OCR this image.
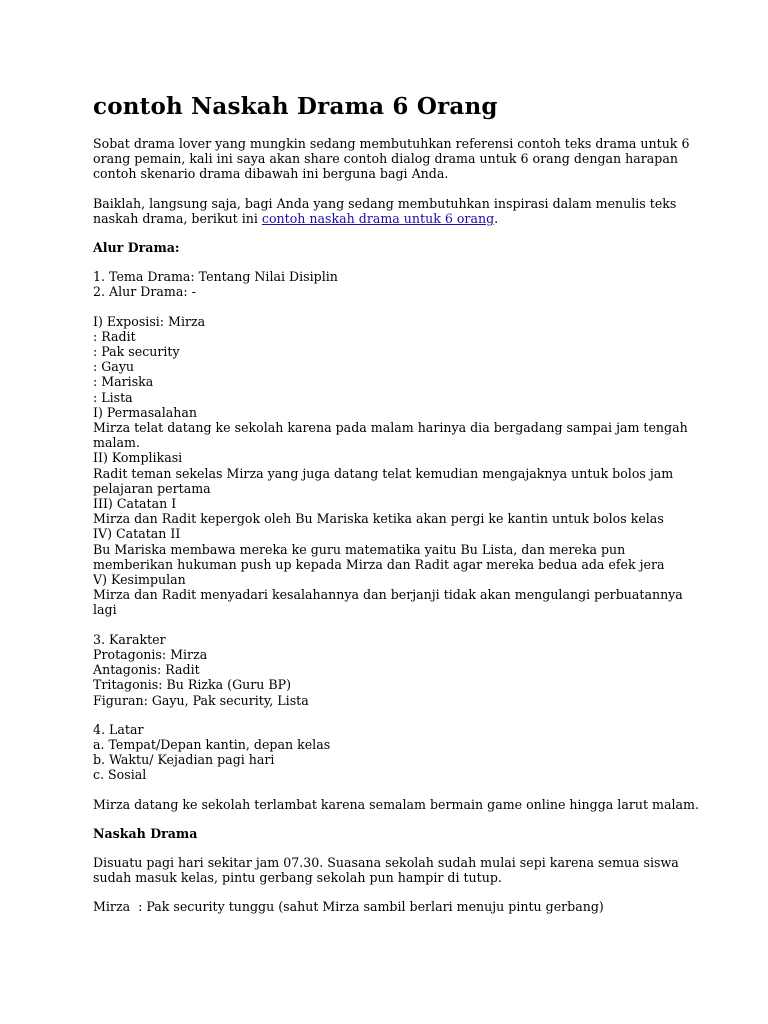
contoh Naskah Drama 6 Orang
Sobat drama lover yang mungkin sedang membutuhkan referensi contoh teks drama untuk 6
orang pemain, kali ini saya akan share contoh dialog drama untuk 6 orang dengan harapan
contoh skenario drama dibawah ini berguna bagi Anda.
Baiklah, langsung saja, bagi Anda yang sedang membutuhkan inspirasi dalam menulis teks
naskah drama, berikut ini contoh naskah drama untuk 6 orang.
Alur Drama:
1. Tema Drama: Tentang Nilai Disiplin
2. Alur Drama: -
I) Exposisi: Mirza
: Radit
: Pak security
: Gayu
: Mariska
: Lista
I) Permasalahan
Mirza telat datang ke sekolah karena pada malam harinya dia bergadang sampai jam tengah
malam.
II) Komplikasi
Radit teman sekelas Mirza yang juga datang telat kemudian mengajaknya untuk bolos jam
pelajaran pertama
III) Catatan I
Mirza dan Radit kepergok oleh Bu Mariska ketika akan pergi ke kantin untuk bolos kelas
IV) Catatan II
Bu Mariska membawa mereka ke guru matematika yaitu Bu Lista, dan mereka pun
memberikan hukuman push up kepada Mirza dan Radit agar mereka bedua ada efek jera
V) Kesimpulan
Mirza dan Radit menyadari kesalahannya dan berjanji tidak akan mengulangi perbuatannya
lagi
3. Karakter
Protagonis: Mirza
Antagonis: Radit
Tritagonis: Bu Rizka (Guru BP)
Figuran: Gayu, Pak security, Lista
4. Latar
a. Tempat/Depan kantin, depan kelas
b. Waktu/ Kejadian pagi hari
c. Sosial
Mirza datang ke sekolah terlambat karena semalam bermain game online hingga larut malam.
Naskah Drama
Disuatu pagi hari sekitar jam 07.30. Suasana sekolah sudah mulai sepi karena semua siswa
sudah masuk kelas, pintu gerbang sekolah pun hampir di tutup.
Mirza  : Pak security tunggu (sahut Mirza sambil berlari menuju pintu gerbang)
